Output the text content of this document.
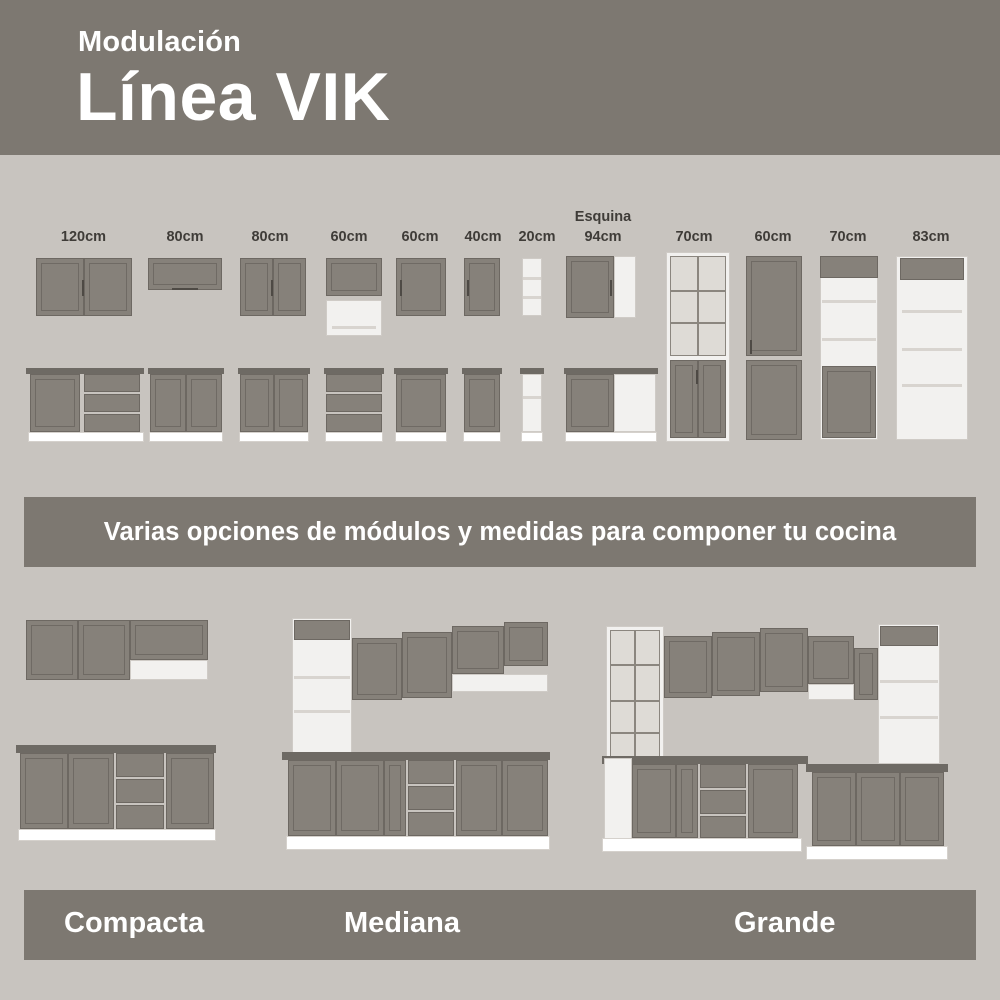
Modulación
Línea VIK
120cm	80cm	80cm	60cm	60cm	40cm	20cm
Esquina
94cm	70cm	60cm	70cm	83cm
Varias opciones de módulos y medidas para componer tu cocina
Compacta	Mediana	Grande
